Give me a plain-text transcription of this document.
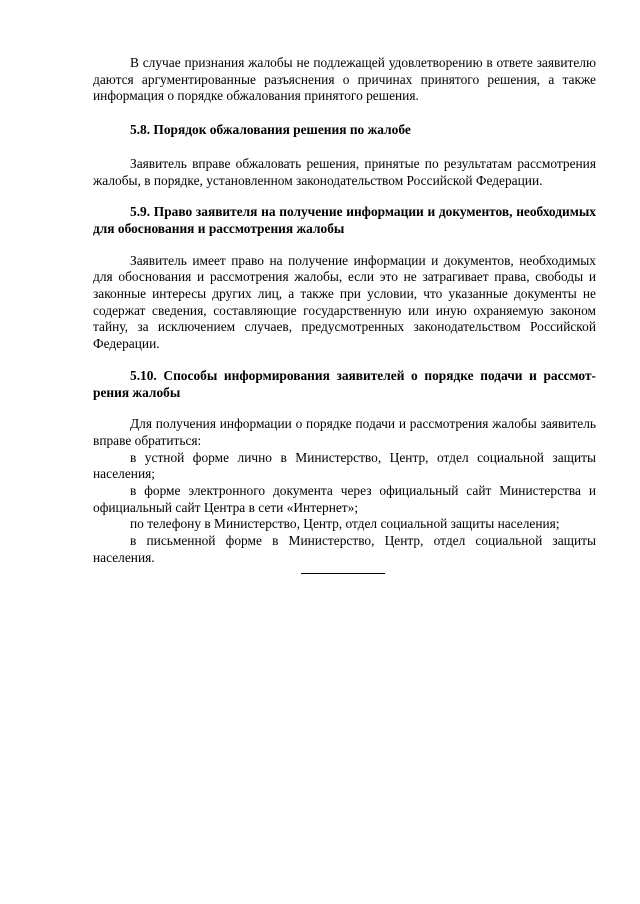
В случае признания жалобы не подлежащей удовлетворению в ответе заявителю даются аргументированные разъяснения о причинах принятого решения, а также информация о порядке обжалования принятого решения.

5.8. Порядок обжалования решения по жалобе

Заявитель вправе обжаловать решения, принятые по результатам рассмотрения жалобы, в порядке, установленном законодательством Российской Федерации.

5.9. Право заявителя на получение информации и документов, необходимых для обоснования и рассмотрения жалобы

Заявитель имеет право на получение информации и документов, необходимых для обоснования и рассмотрения жалобы, если это не затрагивает права, свободы и законные интересы других лиц, а также при условии, что указанные документы не содержат сведения, составляющие государственную или иную охраняемую законом тайну, за исключением случаев, предусмотренных законодательством Российской Федерации.

5.10. Способы информирования заявителей о порядке подачи и рассмотрения жалобы

Для получения информации о порядке подачи и рассмотрения жалобы заявитель вправе обратиться:

в устной форме лично в Министерство, Центр, отдел социальной защиты населения;

в форме электронного документа через официальный сайт Министерства и официальный сайт Центра в сети «Интернет»;

по телефону в Министерство, Центр, отдел социальной защиты населения;

в письменной форме в Министерство, Центр, отдел социальной защиты населения.
